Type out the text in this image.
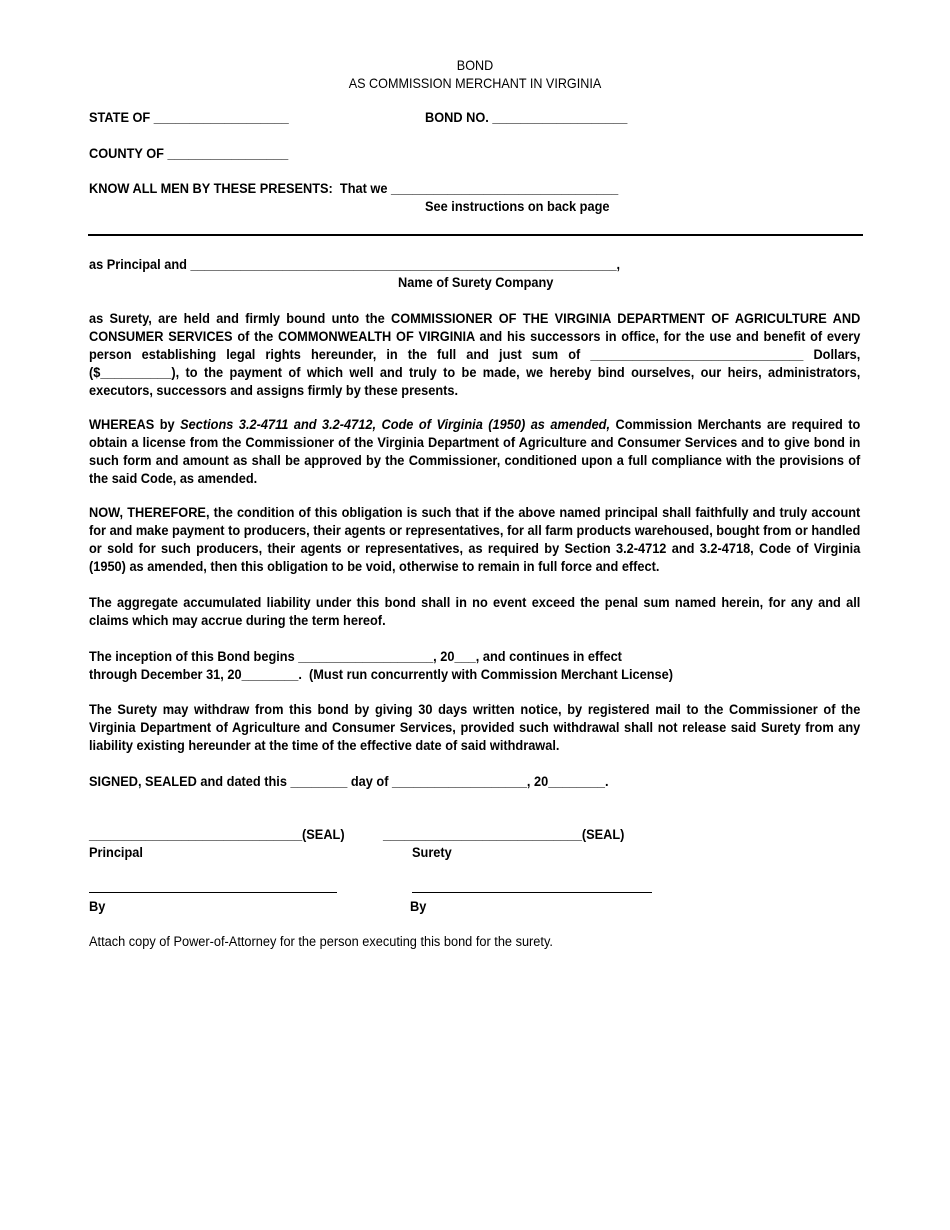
BOND
AS COMMISSION MERCHANT IN VIRGINIA
STATE OF ___________________	BOND NO. ___________________
COUNTY OF _________________
KNOW ALL MEN BY THESE PRESENTS:  That we ________________________________
See instructions on back page
as Principal and ____________________________________________________________,
Name of Surety Company
as Surety, are held and firmly bound unto the COMMISSIONER OF THE VIRGINIA DEPARTMENT OF AGRICULTURE AND CONSUMER SERVICES of the COMMONWEALTH OF VIRGINIA and his successors in office, for the use and benefit of every person establishing legal rights hereunder, in the full and just sum of ______________________________ Dollars, ($__________), to the payment of which well and truly to be made, we hereby bind ourselves, our heirs, administrators, executors, successors and assigns firmly by these presents.
WHEREAS by Sections 3.2-4711 and 3.2-4712, Code of Virginia (1950) as amended, Commission Merchants are required to obtain a license from the Commissioner of the Virginia Department of Agriculture and Consumer Services and to give bond in such form and amount as shall be approved by the Commissioner, conditioned upon a full compliance with the provisions of the said Code, as amended.
NOW, THEREFORE, the condition of this obligation is such that if the above named principal shall faithfully and truly account for and make payment to producers, their agents or representatives, for all farm products warehoused, bought from or handled or sold for such producers, their agents or representatives, as required by Section 3.2-4712 and 3.2-4718, Code of Virginia (1950) as amended, then this obligation to be void, otherwise to remain in full force and effect.
The aggregate accumulated liability under this bond shall in no event exceed the penal sum named herein, for any and all claims which may accrue during the term hereof.
The inception of this Bond begins ___________________, 20___, and continues in effect
through December 31, 20________.  (Must run concurrently with Commission Merchant License)
The Surety may withdraw from this bond by giving 30 days written notice, by registered mail to the Commissioner of the Virginia Department of Agriculture and Consumer Services, provided such withdrawal shall not release said Surety from any liability existing hereunder at the time of the effective date of said withdrawal.
SIGNED, SEALED and dated this ________ day of ___________________, 20________.
______________________________(SEAL)	____________________________(SEAL)
Principal	Surety
By	By
Attach copy of Power-of-Attorney for the person executing this bond for the surety.
